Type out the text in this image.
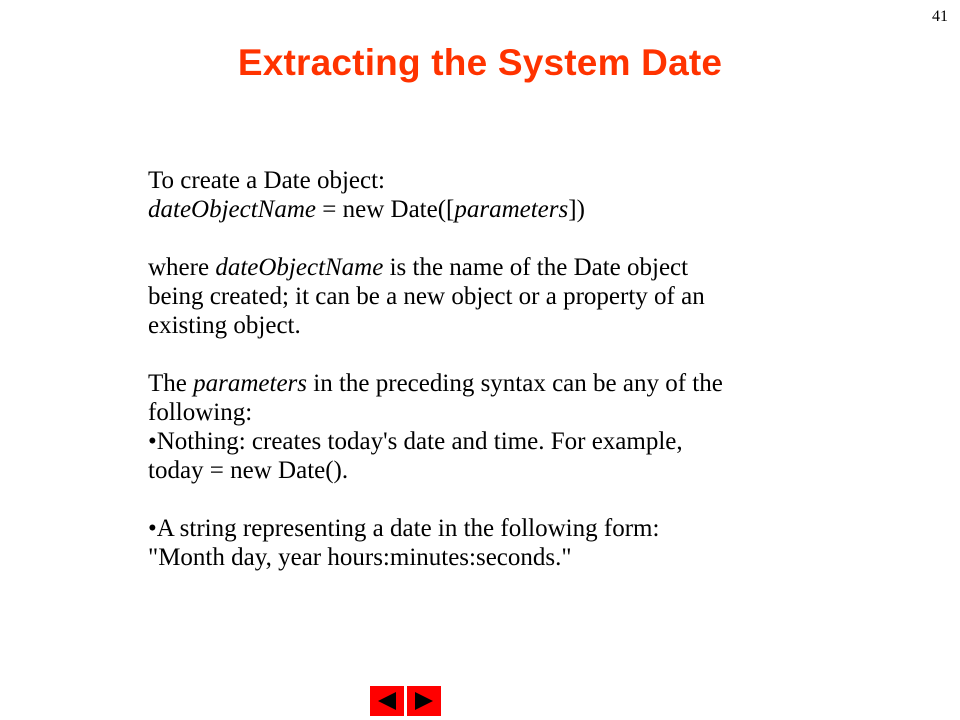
41
Extracting the System Date
To create a Date object:
dateObjectName = new Date([parameters])
where dateObjectName is the name of the Date object
being created; it can be a new object or a property of an
existing object.
The parameters in the preceding syntax can be any of the
following:
•Nothing: creates today's date and time. For example,
today = new Date().
•A string representing a date in the following form:
"Month day, year hours:minutes:seconds."
